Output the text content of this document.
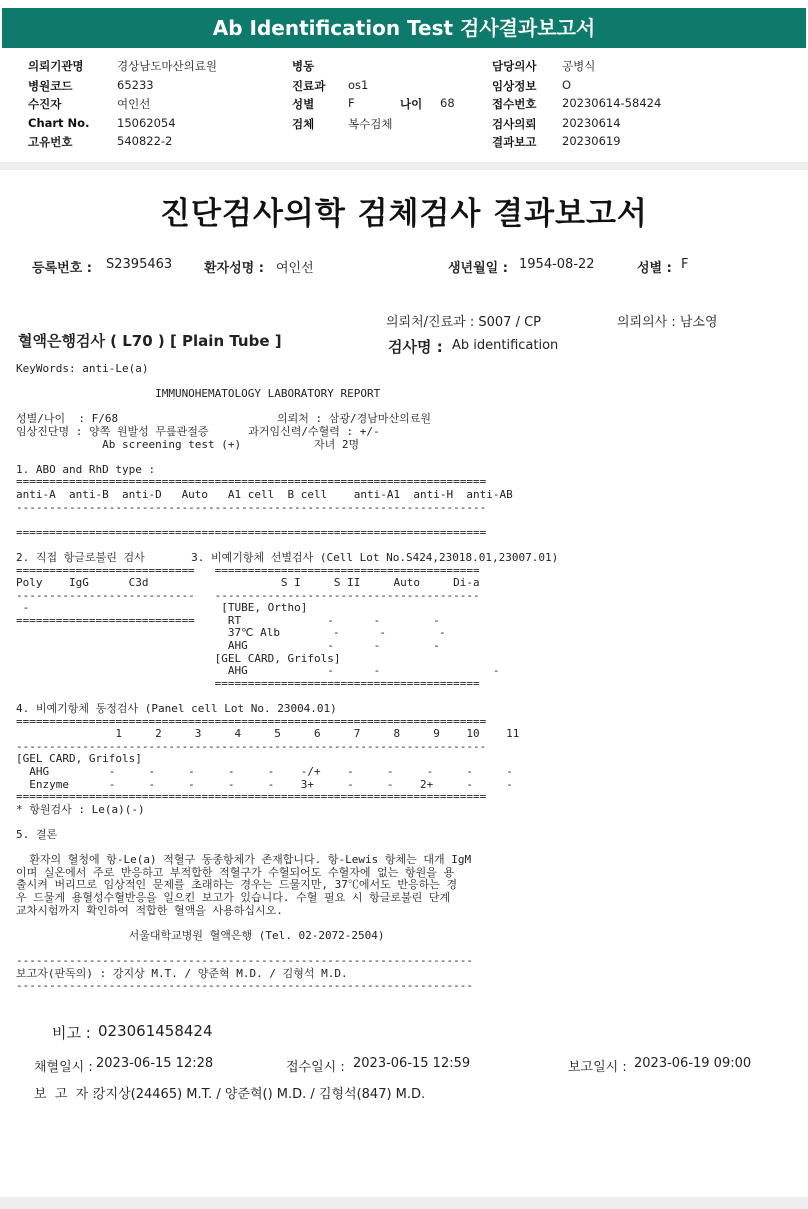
Ab Identification Test 검사결과보고서
의뢰기관명	경상남도마산의료원
병원코드	65233
수진자	여인선
Chart No. 15062054
고유번호	540822-2
병동
진료과 os1
성별	F	나이 68
검체	복수검체
담당의사 공병식
임상정보 O
접수번호 20230614-58424
검사의뢰 20230614
결과보고 20230619
진단검사의학 검체검사 결과보고서
등록번호 : S2395463 환자성명 : 여인선	생년월일 : 1954-08-22	성별 : F
의뢰처/진료과 : S007 / CP	의뢰의사 : 남소영
혈액은행검사 ( L70 ) [ Plain Tube ]	검사명 : Ab identification
KeyWords: anti-Le(a)

IMMUNOHEMATOLOGY LABORATORY REPORT

성별/나이  : F/68                        의뢰처 : 삼광/경남마산의료원
임상진단명 : 양쪽 원발성 무릎관절증      과거임신력/수혈력 : +/-
Ab screening test (+)           자녀 2명

1. ABO and RhD type :
=======================================================================
anti-A  anti-B  anti-D   Auto   A1 cell  B cell    anti-A1  anti-H  anti-AB
-----------------------------------------------------------------------

=======================================================================

2. 직접 항글로불린 검사       3. 비예기항체 선별검사 (Cell Lot No.S424,23018.01,23007.01)
===========================   ========================================
Poly    IgG      C3d                    S I     S II     Auto     Di-a
---------------------------   ----------------------------------------
-                             [TUBE, Ortho]
===========================     RT             -      -        -
37℃ Alb        -      -        -
AHG            -      -        -
[GEL CARD, Grifols]
AHG            -      -                 -
========================================

4. 비예기항체 동정검사 (Panel cell Lot No. 23004.01)
=======================================================================
1     2     3     4     5     6     7     8     9    10    11
-----------------------------------------------------------------------
[GEL CARD, Grifols]
AHG         -     -     -     -     -    -/+    -     -     -     -     -
Enzyme      -     -     -     -     -    3+     -     -    2+     -     -
=======================================================================
* 항원검사 : Le(a)(-)

5. 결론

환자의 혈청에 항-Le(a) 적혈구 동종항체가 존재합니다. 항-Lewis 항체는 대개 IgM
이며 실온에서 주로 반응하고 부적합한 적혈구가 수혈되어도 수혈자에 없는 항원을 용
출시켜 버리므로 임상적인 문제를 초래하는 경우는 드물지만, 37℃에서도 반응하는 경
우 드물게 용혈성수혈반응을 일으킨 보고가 있습니다. 수혈 필요 시 항글로불린 단계
교차시험까지 확인하여 적합한 혈액을 사용하십시오.

서울대학교병원 혈액은행 (Tel. 02-2072-2504)

---------------------------------------------------------------------
보고자(판독의) : 강지상 M.T. / 양준혁 M.D. / 김형석 M.D.
---------------------------------------------------------------------
비고 : 023061458424
채혈일시 : 2023-06-15 12:28	접수일시 : 2023-06-15 12:59	보고일시 : 2023-06-19 09:00
보  고  자 :
강지상(24465) M.T. / 양준혁() M.D. / 김형석(847) M.D.
